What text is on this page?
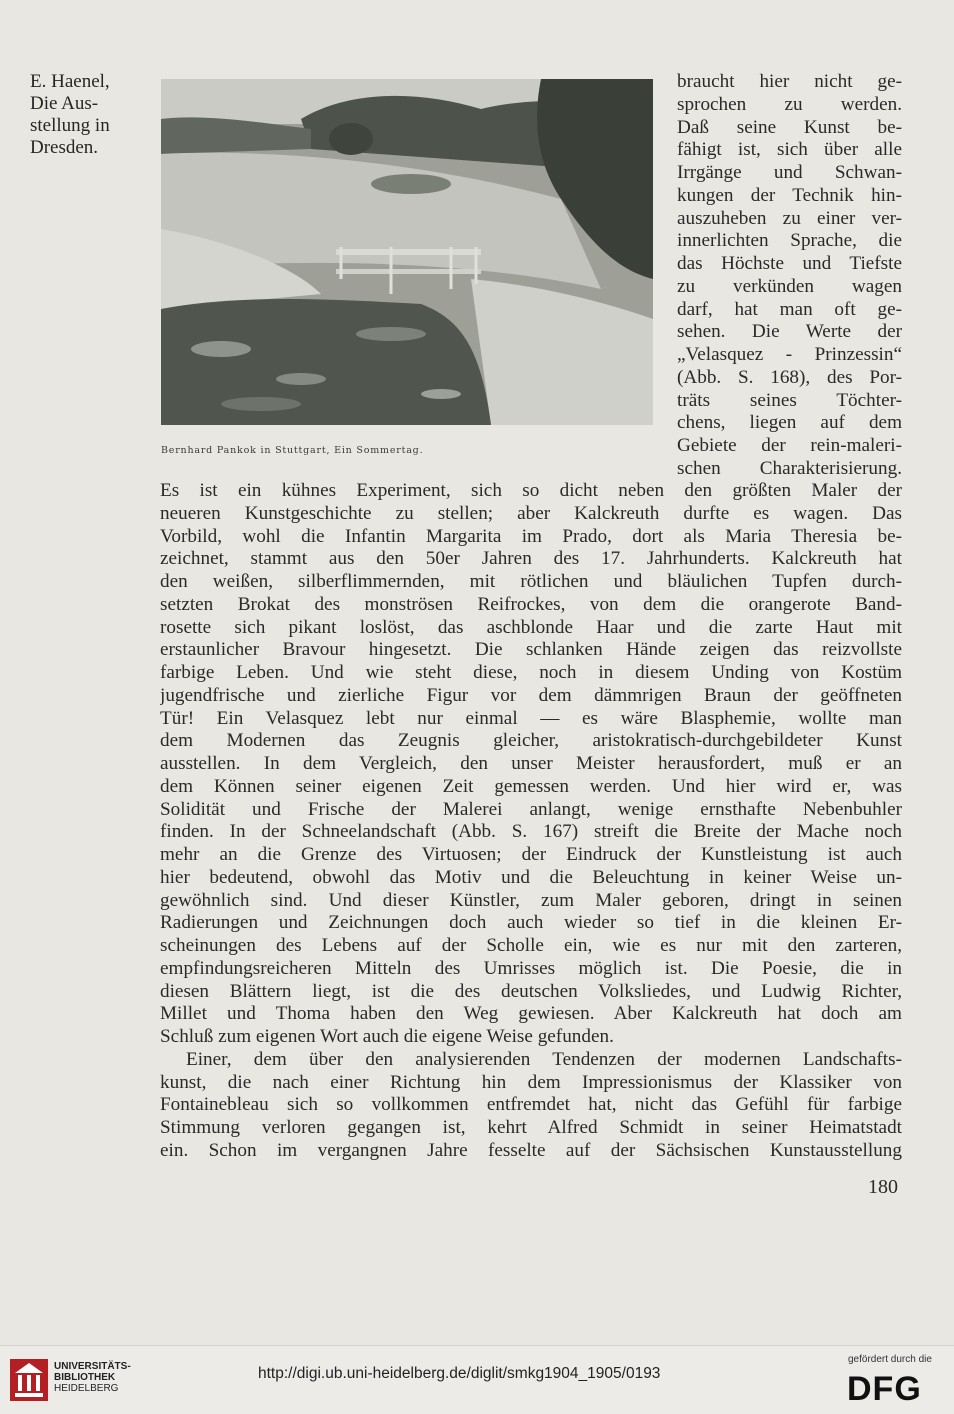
E. Haenel,
Die Aus-
stellung in
Dresden.
Bernhard Pankok in Stuttgart, Ein Sommertag.
braucht hier nicht ge-
sprochen zu werden.
Daß seine Kunst be-
fähigt ist, sich über alle
Irrgänge und Schwan-
kungen der Technik hin-
auszuheben zu einer ver-
innerlichten Sprache, die
das Höchste und Tiefste
zu verkünden wagen
darf, hat man oft ge-
sehen. Die Werte der
„Velasquez - Prinzessin“
(Abb. S. 168), des Por-
träts seines Töchter-
chens, liegen auf dem
Gebiete der rein-maleri-
schen Charakterisierung.
Es ist ein kühnes Experiment, sich so dicht neben den größten Maler der
neueren Kunstgeschichte zu stellen; aber Kalckreuth durfte es wagen. Das
Vorbild, wohl die Infantin Margarita im Prado, dort als Maria Theresia be-
zeichnet, stammt aus den 50er Jahren des 17. Jahrhunderts. Kalckreuth hat
den weißen, silberflimmernden, mit rötlichen und bläulichen Tupfen durch-
setzten Brokat des monströsen Reifrockes, von dem die orangerote Band-
rosette sich pikant loslöst, das aschblonde Haar und die zarte Haut mit
erstaunlicher Bravour hingesetzt. Die schlanken Hände zeigen das reizvollste
farbige Leben. Und wie steht diese, noch in diesem Unding von Kostüm
jugendfrische und zierliche Figur vor dem dämmrigen Braun der geöffneten
Tür! Ein Velasquez lebt nur einmal — es wäre Blasphemie, wollte man
dem Modernen das Zeugnis gleicher, aristokratisch-durchgebildeter Kunst
ausstellen. In dem Vergleich, den unser Meister herausfordert, muß er an
dem Können seiner eigenen Zeit gemessen werden. Und hier wird er, was
Solidität und Frische der Malerei anlangt, wenige ernsthafte Nebenbuhler
finden. In der Schneelandschaft (Abb. S. 167) streift die Breite der Mache noch
mehr an die Grenze des Virtuosen; der Eindruck der Kunstleistung ist auch
hier bedeutend, obwohl das Motiv und die Beleuchtung in keiner Weise un-
gewöhnlich sind. Und dieser Künstler, zum Maler geboren, dringt in seinen
Radierungen und Zeichnungen doch auch wieder so tief in die kleinen Er-
scheinungen des Lebens auf der Scholle ein, wie es nur mit den zarteren,
empfindungsreicheren Mitteln des Umrisses möglich ist. Die Poesie, die in
diesen Blättern liegt, ist die des deutschen Volksliedes, und Ludwig Richter,
Millet und Thoma haben den Weg gewiesen. Aber Kalckreuth hat doch am
Schluß zum eigenen Wort auch die eigene Weise gefunden.
Einer, dem über den analysierenden Tendenzen der modernen Landschafts-
kunst, die nach einer Richtung hin dem Impressionismus der Klassiker von
Fontainebleau sich so vollkommen entfremdet hat, nicht das Gefühl für farbige
Stimmung verloren gegangen ist, kehrt Alfred Schmidt in seiner Heimatstadt
ein. Schon im vergangnen Jahre fesselte auf der Sächsischen Kunstausstellung
180
UNIVERSITÄTS-
BIBLIOTHEK
HEIDELBERG
http://digi.ub.uni-heidelberg.de/diglit/smkg1904_1905/0193
gefördert durch die
DFG
